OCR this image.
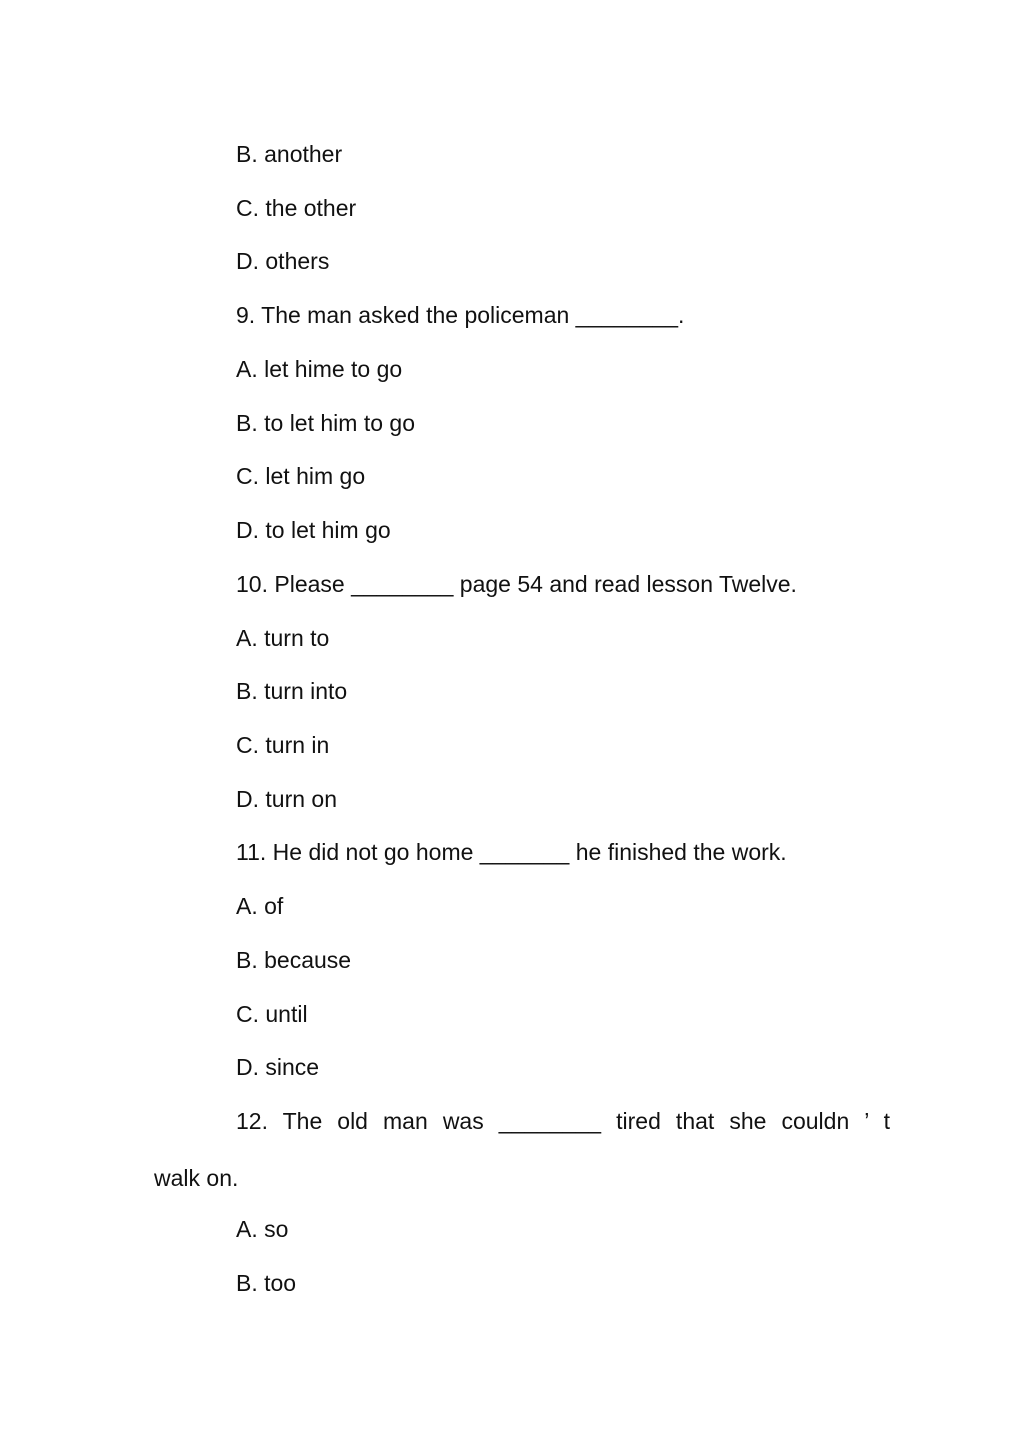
B. another
C. the other
D. others
9. The man asked the policeman ________.
A. let hime to go
B. to let him to go
C. let him go
D. to let him go
10. Please ________ page 54 and read lesson Twelve.
A. turn to
B. turn into
C. turn in
D. turn on
11. He did not go home _______ he finished the work.
A. of
B. because
C. until
D. since
12. The old man was ________ tired that she couldn ’ t
walk on.
A. so
B. too
